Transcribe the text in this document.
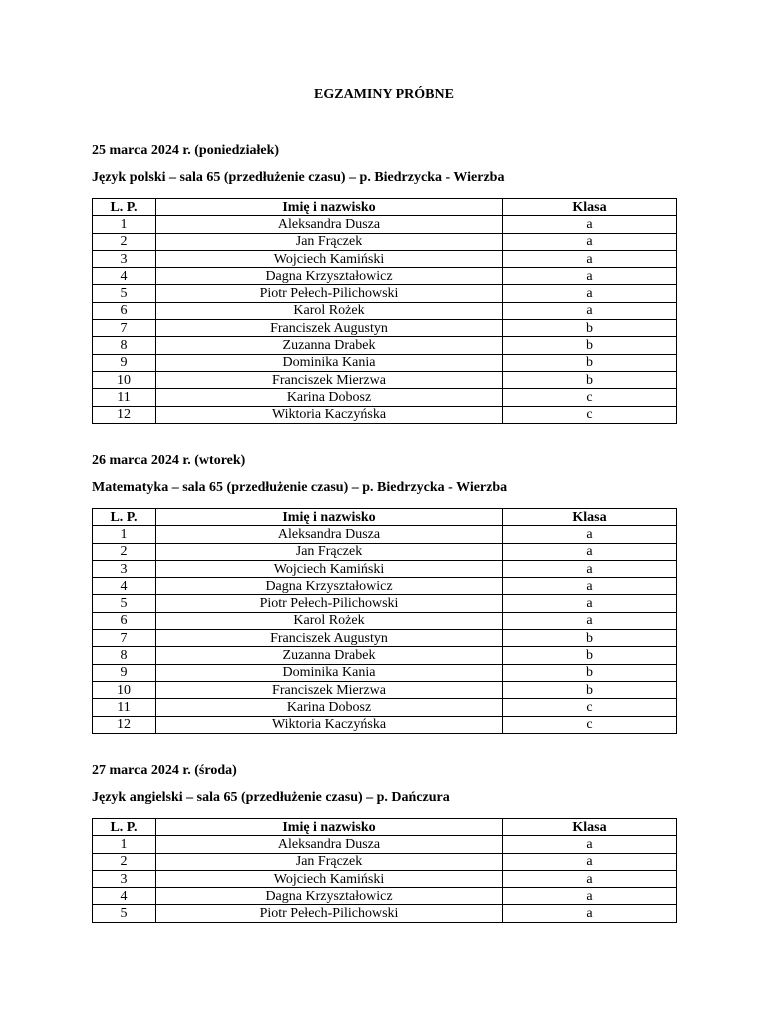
EGZAMINY PRÓBNE
25 marca 2024 r. (poniedziałek)
Język polski – sala 65 (przedłużenie czasu) – p. Biedrzycka - Wierzba
L. P.	Imię i nazwisko	Klasa
1	Aleksandra Dusza	a
2	Jan Frączek	a
3	Wojciech Kamiński	a
4	Dagna Krzyształowicz	a
5	Piotr Pełech-Pilichowski	a
6	Karol Rożek	a
7	Franciszek Augustyn	b
8	Zuzanna Drabek	b
9	Dominika Kania	b
10	Franciszek Mierzwa	b
11	Karina Dobosz	c
12	Wiktoria Kaczyńska	c
26 marca 2024 r. (wtorek)
Matematyka – sala 65 (przedłużenie czasu) – p. Biedrzycka - Wierzba
L. P.	Imię i nazwisko	Klasa
1	Aleksandra Dusza	a
2	Jan Frączek	a
3	Wojciech Kamiński	a
4	Dagna Krzyształowicz	a
5	Piotr Pełech-Pilichowski	a
6	Karol Rożek	a
7	Franciszek Augustyn	b
8	Zuzanna Drabek	b
9	Dominika Kania	b
10	Franciszek Mierzwa	b
11	Karina Dobosz	c
12	Wiktoria Kaczyńska	c
27 marca 2024 r. (środa)
Język angielski – sala 65 (przedłużenie czasu) – p. Dańczura
L. P.	Imię i nazwisko	Klasa
1	Aleksandra Dusza	a
2	Jan Frączek	a
3	Wojciech Kamiński	a
4	Dagna Krzyształowicz	a
5	Piotr Pełech-Pilichowski	a
